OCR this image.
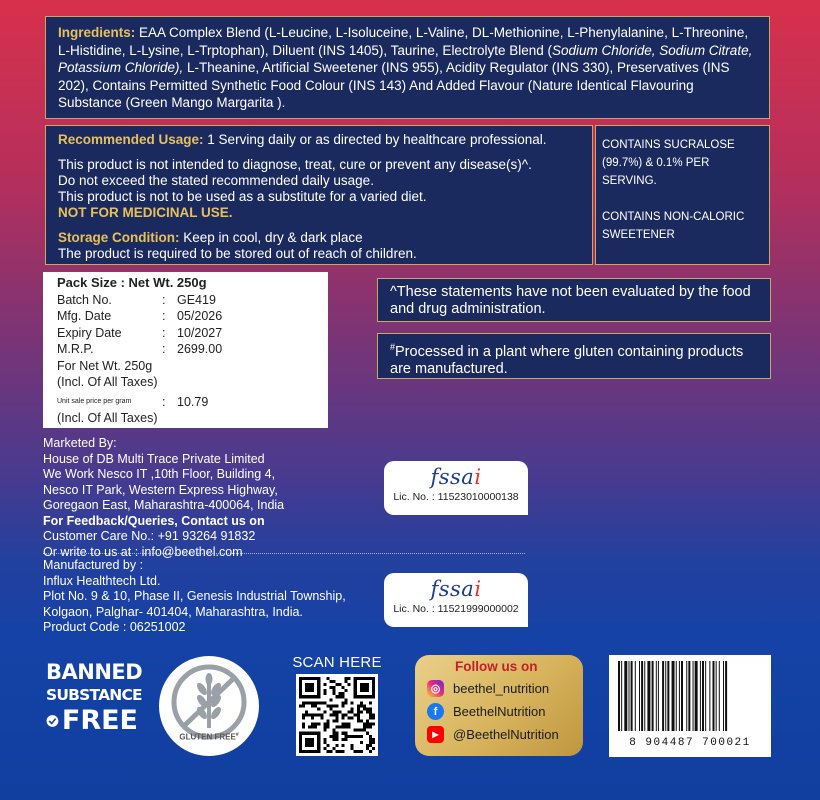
Ingredients: EAA Complex Blend (L-Leucine, L-Isoluceine, L-Valine, DL-Methionine, L-Phenylalanine, L-Threonine, L-Histidine, L-Lysine, L-Trptophan), Diluent (INS 1405), Taurine, Electrolyte Blend (Sodium Chloride, Sodium Citrate, Potassium Chloride), L-Theanine, Artificial Sweetener (INS 955), Acidity Regulator (INS 330), Preservatives (INS 202), Contains Permitted Synthetic Food Colour (INS 143) And Added Flavour (Nature Identical Flavouring Substance (Green Mango Margarita ).

Recommended Usage: 1 Serving daily or as directed by healthcare professional.

This product is not intended to diagnose, treat, cure or prevent any disease(s)^.

Do not exceed the stated recommended daily usage.

This product is not to be used as a substitute for a varied diet.

NOT FOR MEDICINAL USE.

Storage Condition: Keep in cool, dry & dark place

The product is required to be stored out of reach of children.

CONTAINS SUCRALOSE (99.7%) & 0.1% PER SERVING.
CONTAINS NON-CALORIC SWEETENER
Pack Size : Net Wt. 250g
Batch No.	: GE419
Mfg. Date	: 05/2026
Expiry Date	: 10/2027
M.R.P.	: 2699.00
For Net Wt. 250g
(Incl. Of All Taxes)
Unit sale price per gram	: 10.79
(Incl. Of All Taxes)
^These statements have not been evaluated by the food and drug administration.
#Processed in a plant where gluten containing products are manufactured.
Marketed By:
House of DB Multi Trace Private Limited
We Work Nesco IT ,10th Floor, Building 4,
Nesco IT Park, Western Express Highway,
Goregaon East, Maharashtra-400064, India
For Feedback/Queries, Contact us on
Customer Care No.: +91 93264 91832
Or write to us at : info@beethel.com
Manufactured by :
Influx Healthtech Ltd.
Plot No. 9 & 10, Phase II, Genesis Industrial Township,
Kolgaon, Palghar- 401404, Maharashtra, India.
Product Code : 06251002
fssai
Lic. No. : 11523010000138
fssai
Lic. No. : 11521999000002
BANNED
SUBSTANCE
FREE
GLUTEN FREE#
SCAN HERE	Follow us on
◎ beethel_nutrition
f	BeethelNutrition
▶	@BeethelNutrition
8 904487 700021
